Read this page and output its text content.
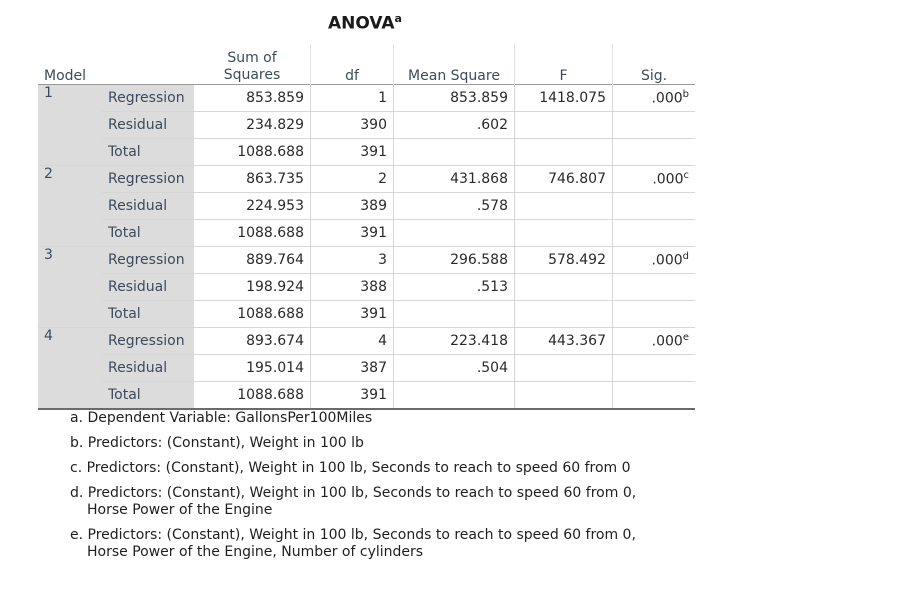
ANOVA$^a$
Model		Sum of
Squares	df	Mean Square	F	Sig.
1	Regression	853.859	1	853.859	1418.075	.000$^b$
	Residual	234.829	390	.602		
	Total	1088.688	391			
2	Regression	863.735	2	431.868	746.807	.000$^c$
	Residual	224.953	389	.578		
	Total	1088.688	391			
3	Regression	889.764	3	296.588	578.492	.000$^d$
	Residual	198.924	388	.513		
	Total	1088.688	391			
4	Regression	893.674	4	223.418	443.367	.000e
	Residual	195.014	387	.504		
	Total	1088.688	391			
a. Dependent Variable: GallonsPer100Miles
b. Predictors: (Constant), Weight in 100 lb
c. Predictors: (Constant), Weight in 100 lb, Seconds to reach to speed 60 from 0
d. Predictors: (Constant), Weight in 100 lb, Seconds to reach to speed 60 from 0,
Horse Power of the Engine
e. Predictors: (Constant), Weight in 100 lb, Seconds to reach to speed 60 from 0,
Horse Power of the Engine, Number of cylinders
